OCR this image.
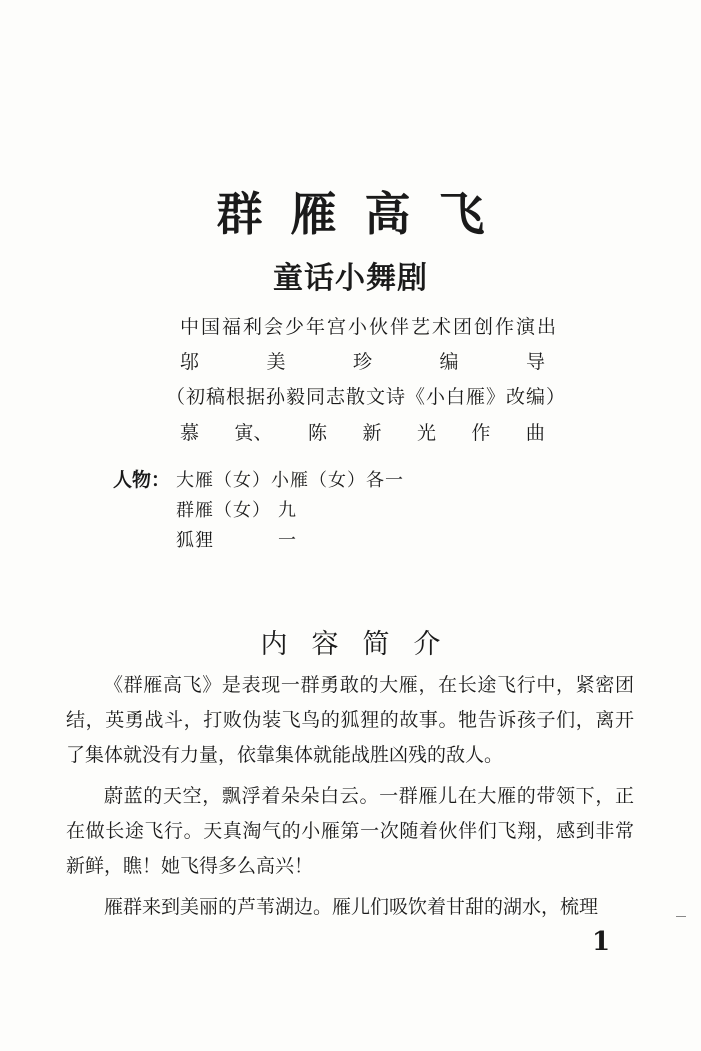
群雁高飞
童话小舞剧
中国福利会少年宫小伙伴艺术团创作演出
邬	美	珍	编	导
（初稿根据孙毅同志散文诗《小白雁》改编）
慕 寅、 陈 新 光 作 曲
人物： 大雁（女）小雁（女）各一
群雁（女） 九
狐狸	一
内容简介

《群雁高飞》是表现一群勇敢的大雁，在长途飞行中，紧密团结，英勇战斗，打败伪装飞鸟的狐狸的故事。牠告诉孩子们，离开了集体就没有力量，依靠集体就能战胜凶残的敌人。

蔚蓝的天空，飘浮着朵朵白云。一群雁儿在大雁的带领下，正在做长途飞行。天真淘气的小雁第一次随着伙伴们飞翔，感到非常新鲜，瞧！她飞得多么高兴！

雁群来到美丽的芦苇湖边。雁儿们吸饮着甘甜的湖水，梳理

1
